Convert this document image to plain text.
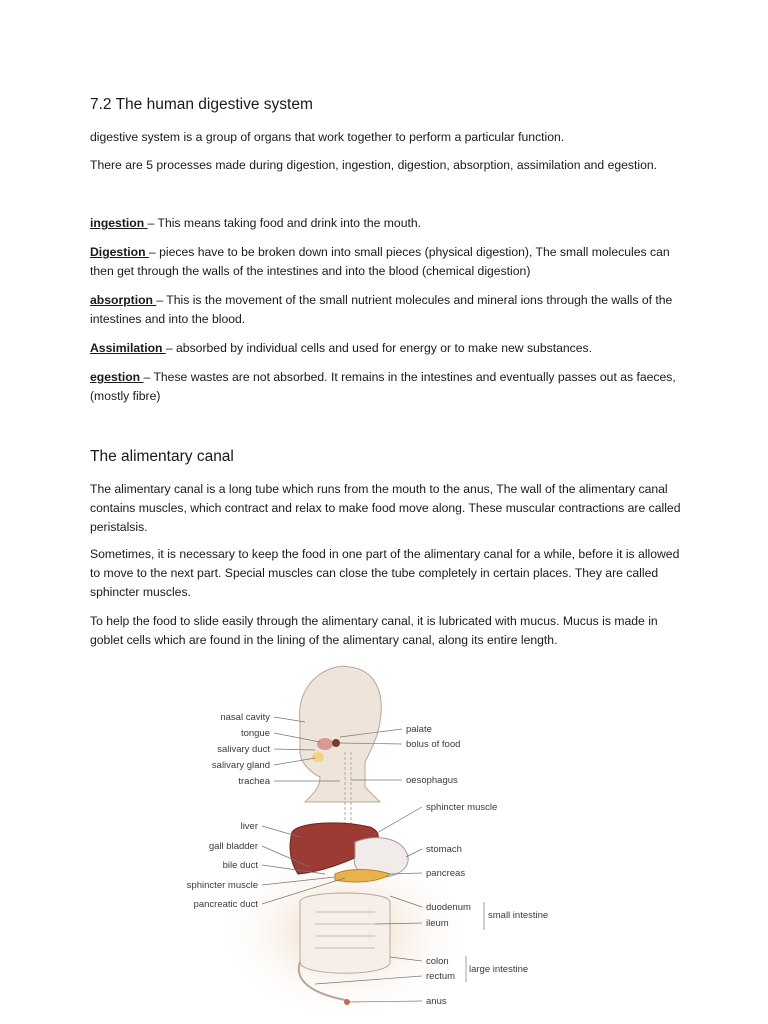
7.2 The human digestive system

digestive system is a group of organs that work together to perform a particular function.

There are 5 processes made during digestion, ingestion, digestion, absorption, assimilation and egestion.

ingestion – This means taking food and drink into the mouth.

Digestion – pieces have to be broken down into small pieces (physical digestion), The small molecules can then get through the walls of the intestines and into the blood (chemical digestion)

absorption – This is the movement of the small nutrient molecules and mineral ions through the walls of the intestines and into the blood.

Assimilation – absorbed by individual cells and used for energy or to make new substances.

egestion – These wastes are not absorbed. It remains in the intestines and eventually passes out as faeces, (mostly fibre)

The alimentary canal

The alimentary canal is a long tube which runs from the mouth to the anus, The wall of the alimentary canal contains muscles, which contract and relax to make food move along. These muscular contractions are called peristalsis.

Sometimes, it is necessary to keep the food in one part of the alimentary canal for a while, before it is allowed to move to the next part. Special muscles can close the tube completely in certain places. They are called sphincter muscles.

To help the food to slide easily through the alimentary canal, it is lubricated with mucus. Mucus is made in goblet cells which are found in the lining of the alimentary canal, along its entire length.

nasal cavity
tongue
salivary duct
salivary gland
trachea
liver
gall bladder
bile duct
sphincter muscle
pancreatic duct
palate
bolus of food
oesophagus
sphincter muscle
stomach
pancreas
duodenum
ileum
colon
rectum
anus
small intestine
large intestine
